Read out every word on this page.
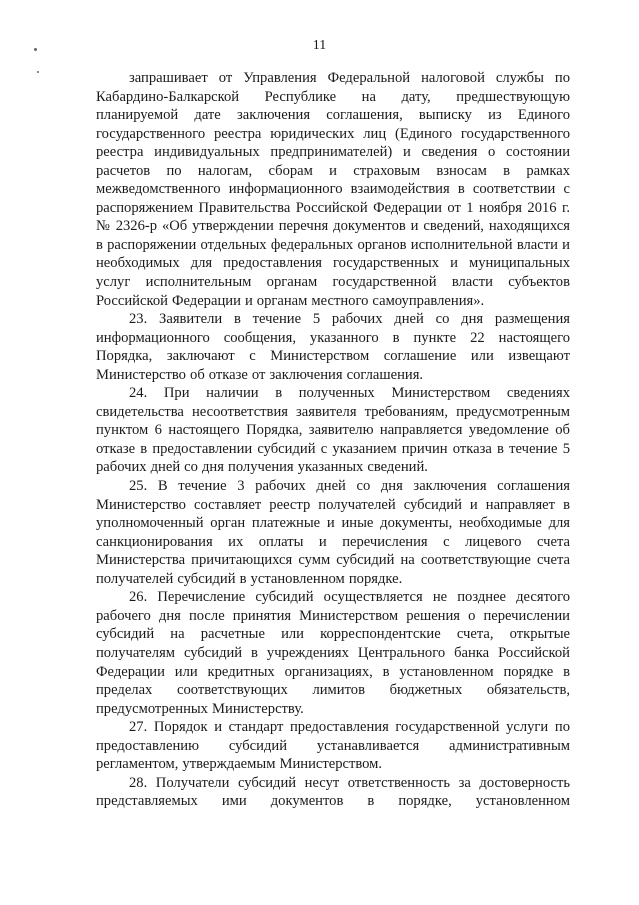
11

запрашивает от Управления Федеральной налоговой службы по Кабардино-Балкарской Республике на дату, предшествующую планируемой дате заключения соглашения, выписку из Единого государственного реестра юридических лиц (Единого государственного реестра индивидуальных предпринимателей) и сведения о состоянии расчетов по налогам, сборам и страховым взносам в рамках межведомственного информационного взаимодействия в соответствии с распоряжением Правительства Российской Федерации от 1 ноября 2016 г. № 2326-р «Об утверждении перечня документов и сведений, находящихся в распоряжении отдельных федеральных органов исполнительной власти и необходимых для предоставления государственных и муниципальных услуг исполнительным органам государственной власти субъектов Российской Федерации и органам местного самоуправления».

23. Заявители в течение 5 рабочих дней со дня размещения информационного сообщения, указанного в пункте 22 настоящего Порядка, заключают с Министерством соглашение или извещают Министерство об отказе от заключения соглашения.

24. При наличии в полученных Министерством сведениях свидетельства несоответствия заявителя требованиям, предусмотренным пунктом 6 настоящего Порядка, заявителю направляется уведомление об отказе в предоставлении субсидий с указанием причин отказа в течение 5 рабочих дней со дня получения указанных сведений.

25. В течение 3 рабочих дней со дня заключения соглашения Министерство составляет реестр получателей субсидий и направляет в уполномоченный орган платежные и иные документы, необходимые для санкционирования их оплаты и перечисления с лицевого счета Министерства причитающихся сумм субсидий на соответствующие счета получателей субсидий в установленном порядке.

26. Перечисление субсидий осуществляется не позднее десятого рабочего дня после принятия Министерством решения о перечислении субсидий на расчетные или корреспондентские счета, открытые получателям субсидий в учреждениях Центрального банка Российской Федерации или кредитных организациях, в установленном порядке в пределах соответствующих лимитов бюджетных обязательств, предусмотренных Министерству.

27. Порядок и стандарт предоставления государственной услуги по предоставлению субсидий устанавливается административным регламентом, утверждаемым Министерством.

28. Получатели субсидий несут ответственность за достоверность представляемых ими документов в порядке, установленном
